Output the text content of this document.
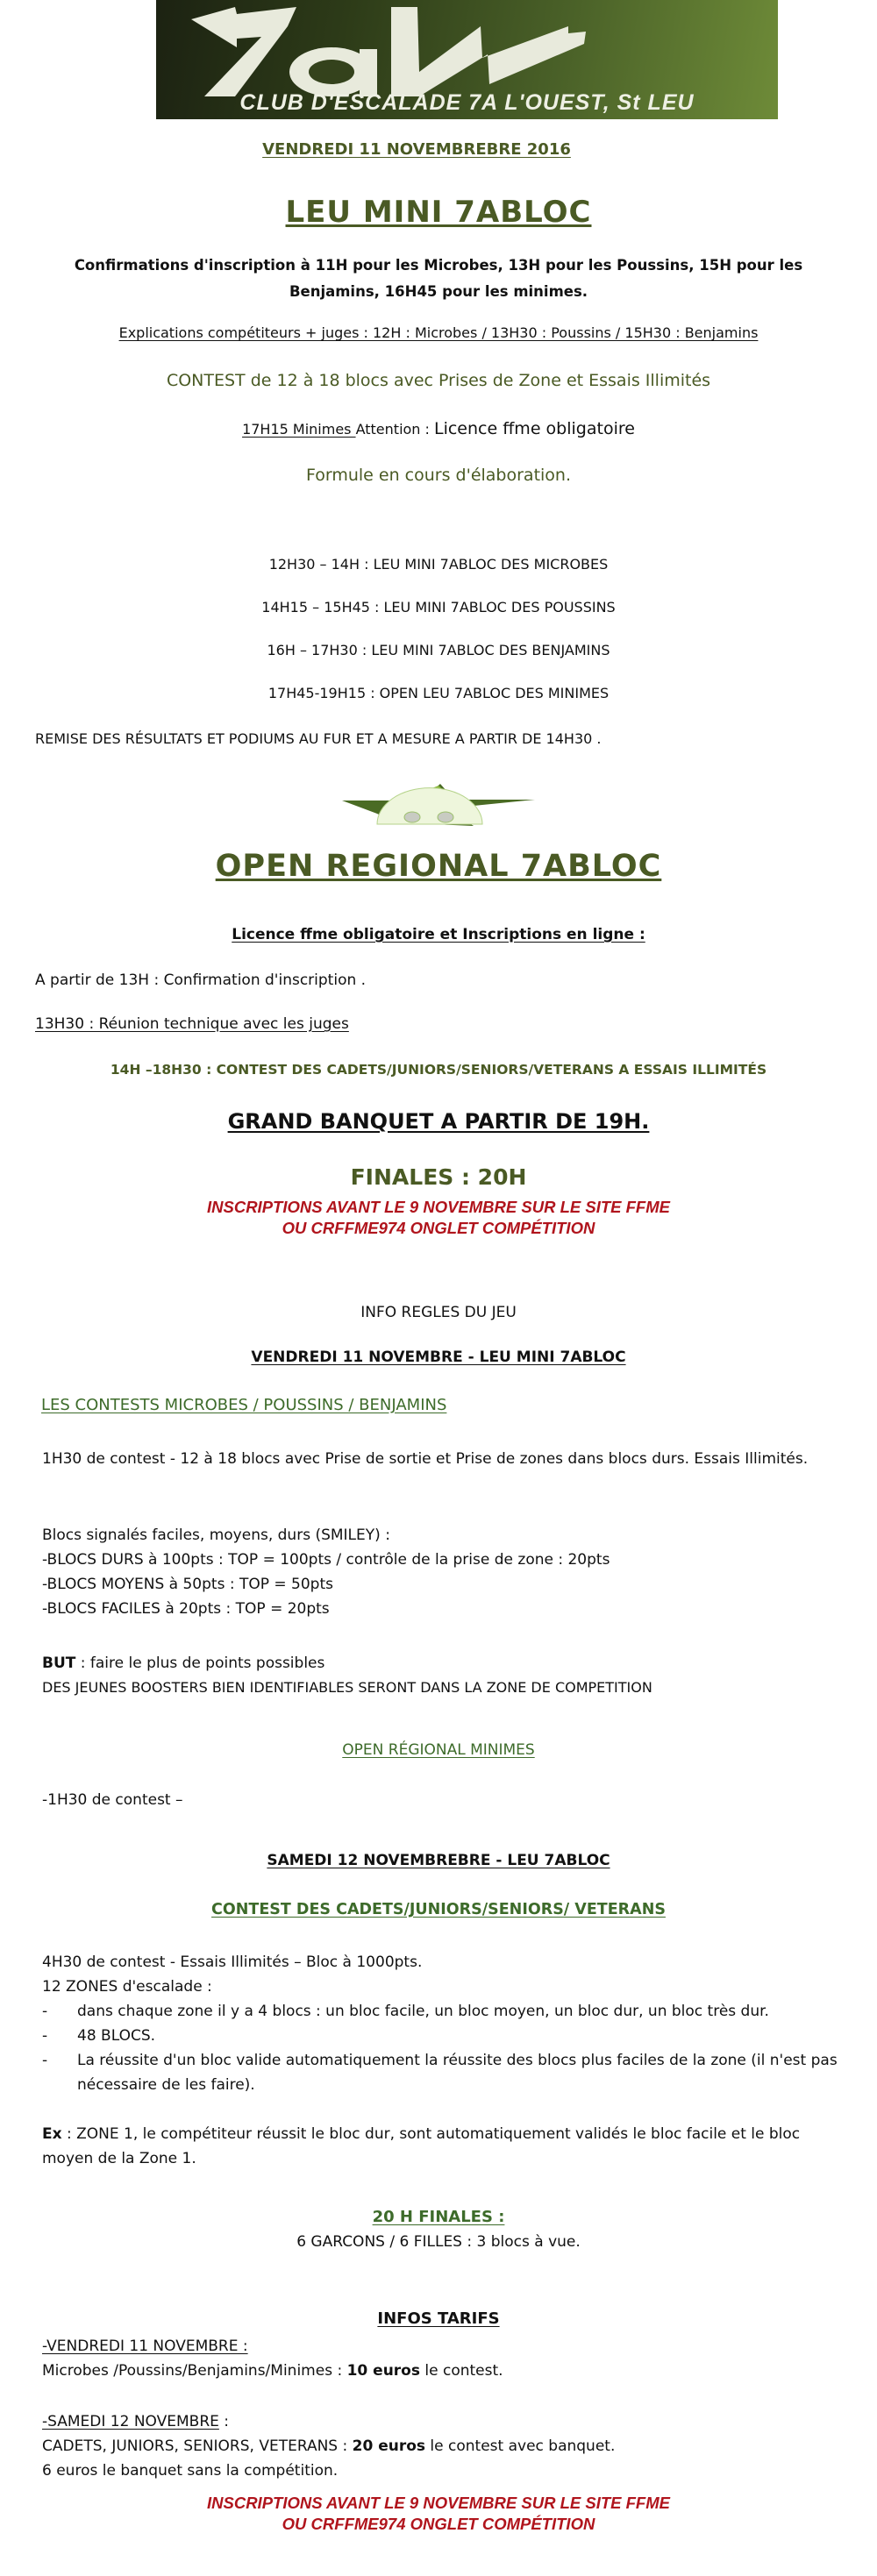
CLUB D'ESCALADE 7A L'OUEST, St LEU
VENDREDI 11 NOVEMBREBRE 2016
LEU MINI 7ABLOC
Confirmations d'inscription à 11H pour les Microbes, 13H pour les Poussins, 15H pour les Benjamins, 16H45 pour les minimes.
Explications compétiteurs + juges : 12H : Microbes / 13H30 : Poussins / 15H30 : Benjamins
CONTEST de 12 à 18 blocs avec Prises de Zone et Essais Illimités
17H15 Minimes Attention : Licence ffme obligatoire
Formule en cours d'élaboration.
12H30 – 14H : LEU MINI 7ABLOC DES MICROBES
14H15 – 15H45 : LEU MINI 7ABLOC DES POUSSINS
16H – 17H30 : LEU MINI 7ABLOC DES BENJAMINS
17H45-19H15 : OPEN LEU 7ABLOC DES MINIMES
REMISE DES RÉSULTATS ET PODIUMS AU FUR ET A MESURE A PARTIR DE 14H30 .
OPEN REGIONAL 7ABLOC
Licence ffme obligatoire et Inscriptions en ligne :
A partir de 13H : Confirmation d'inscription .
13H30 : Réunion technique avec les juges
14H –18H30 : CONTEST DES CADETS/JUNIORS/SENIORS/VETERANS A ESSAIS ILLIMITÉS
GRAND BANQUET A PARTIR DE 19H.
FINALES : 20H
INSCRIPTIONS AVANT LE 9 NOVEMBRE SUR LE SITE FFME
OU CRFFME974 ONGLET COMPÉTITION
INFO REGLES DU JEU
VENDREDI 11 NOVEMBRE - LEU MINI 7ABLOC
LES CONTESTS MICROBES / POUSSINS / BENJAMINS
1H30 de contest - 12 à 18 blocs avec Prise de sortie et Prise de zones dans blocs durs. Essais Illimités.
Blocs signalés faciles, moyens, durs (SMILEY) :
-BLOCS DURS à 100pts : TOP = 100pts / contrôle de la prise de zone : 20pts
-BLOCS MOYENS à 50pts : TOP = 50pts
-BLOCS FACILES à 20pts : TOP = 20pts
BUT : faire le plus de points possibles
DES JEUNES BOOSTERS BIEN IDENTIFIABLES SERONT DANS LA ZONE DE COMPETITION
OPEN RÉGIONAL MINIMES
-1H30 de contest –
SAMEDI 12 NOVEMBREBRE - LEU 7ABLOC
CONTEST DES CADETS/JUNIORS/SENIORS/ VETERANS
4H30 de contest - Essais Illimités – Bloc à 1000pts.
12 ZONES d'escalade :
- dans chaque zone il y a 4 blocs : un bloc facile, un bloc moyen, un bloc dur, un bloc très dur.
- 48 BLOCS.
- La réussite d'un bloc valide automatiquement la réussite des blocs plus faciles de la zone (il n'est pas nécessaire de les faire).
Ex : ZONE 1, le compétiteur réussit le bloc dur, sont automatiquement validés le bloc facile et le bloc moyen de la Zone 1.
20 H FINALES :
6 GARCONS / 6 FILLES : 3 blocs à vue.
INFOS TARIFS
-VENDREDI 11 NOVEMBRE :
Microbes /Poussins/Benjamins/Minimes : 10 euros le contest.
-SAMEDI 12 NOVEMBRE :
CADETS, JUNIORS, SENIORS, VETERANS : 20 euros le contest avec banquet.
6 euros le banquet sans la compétition.
INSCRIPTIONS AVANT LE 9 NOVEMBRE SUR LE SITE FFME
OU CRFFME974 ONGLET COMPÉTITION
